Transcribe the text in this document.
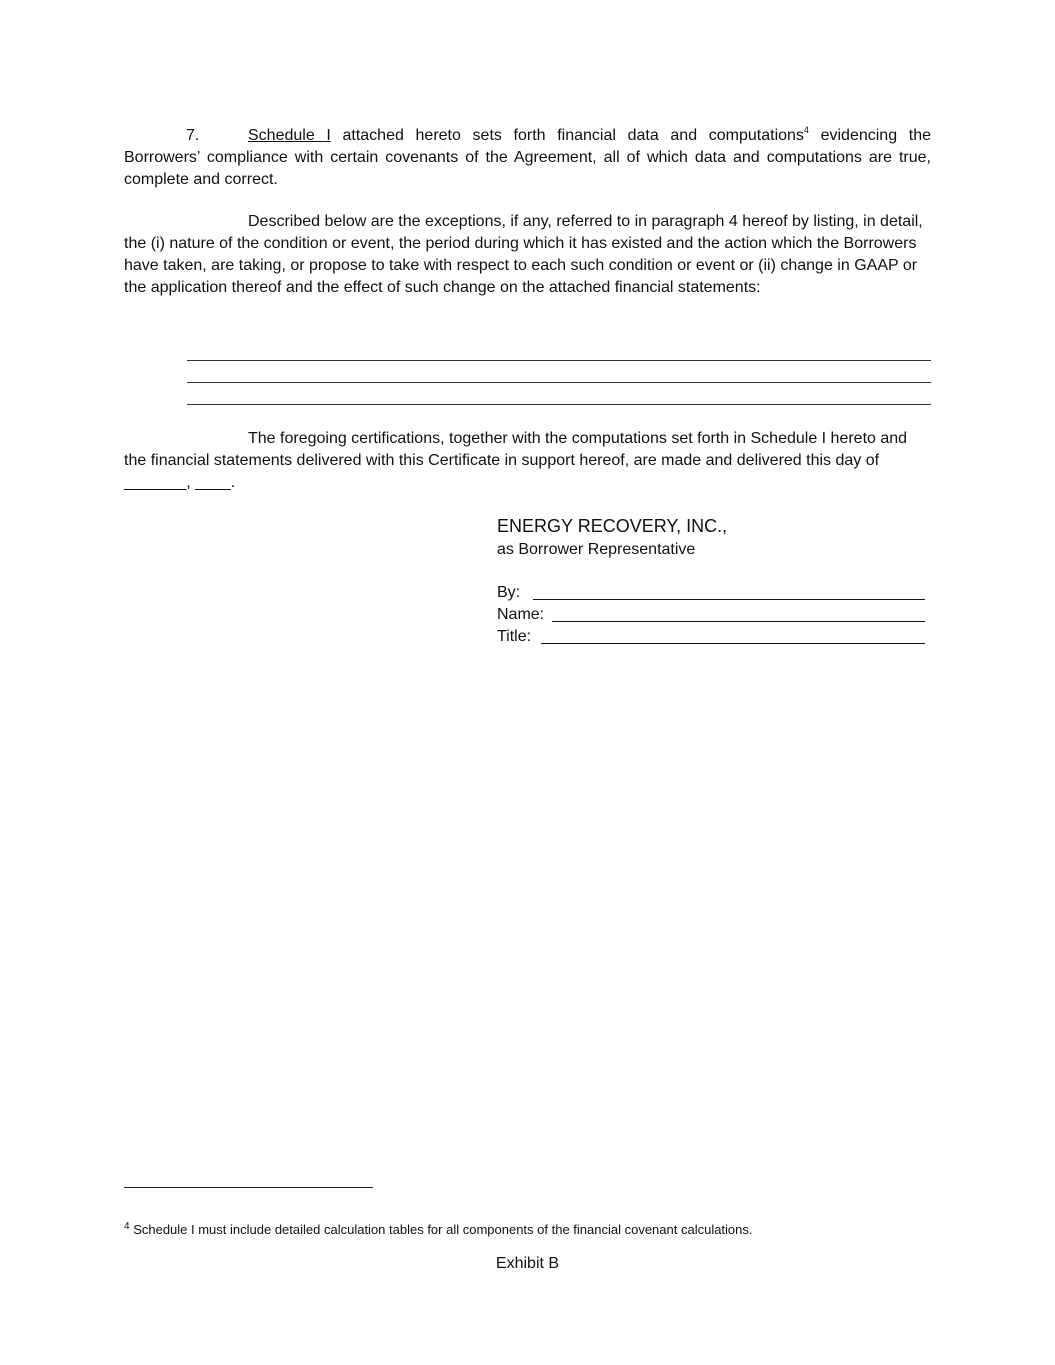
7.	Schedule I attached hereto sets forth financial data and computations$^4$ evidencing the Borrowers’ compliance with certain covenants of the Agreement, all of which data and computations are true, complete and correct.

Described below are the exceptions, if any, referred to in paragraph 4 hereof by listing, in detail, the (i) nature of the condition or event, the period during which it has existed and the action which the Borrowers have taken, are taking, or propose to take with respect to each such condition or event or (ii) change in GAAP or the application thereof and the effect of such change on the attached financial statements:

The foregoing certifications, together with the computations set forth in Schedule I hereto and the financial statements delivered with this Certificate in support hereof, are made and delivered this day of _______, ____.

ENERGY RECOVERY, INC.,
as Borrower Representative
By:
Name:
Title:
$^4$ Schedule I must include detailed calculation tables for all components of the financial covenant calculations.
Exhibit B
